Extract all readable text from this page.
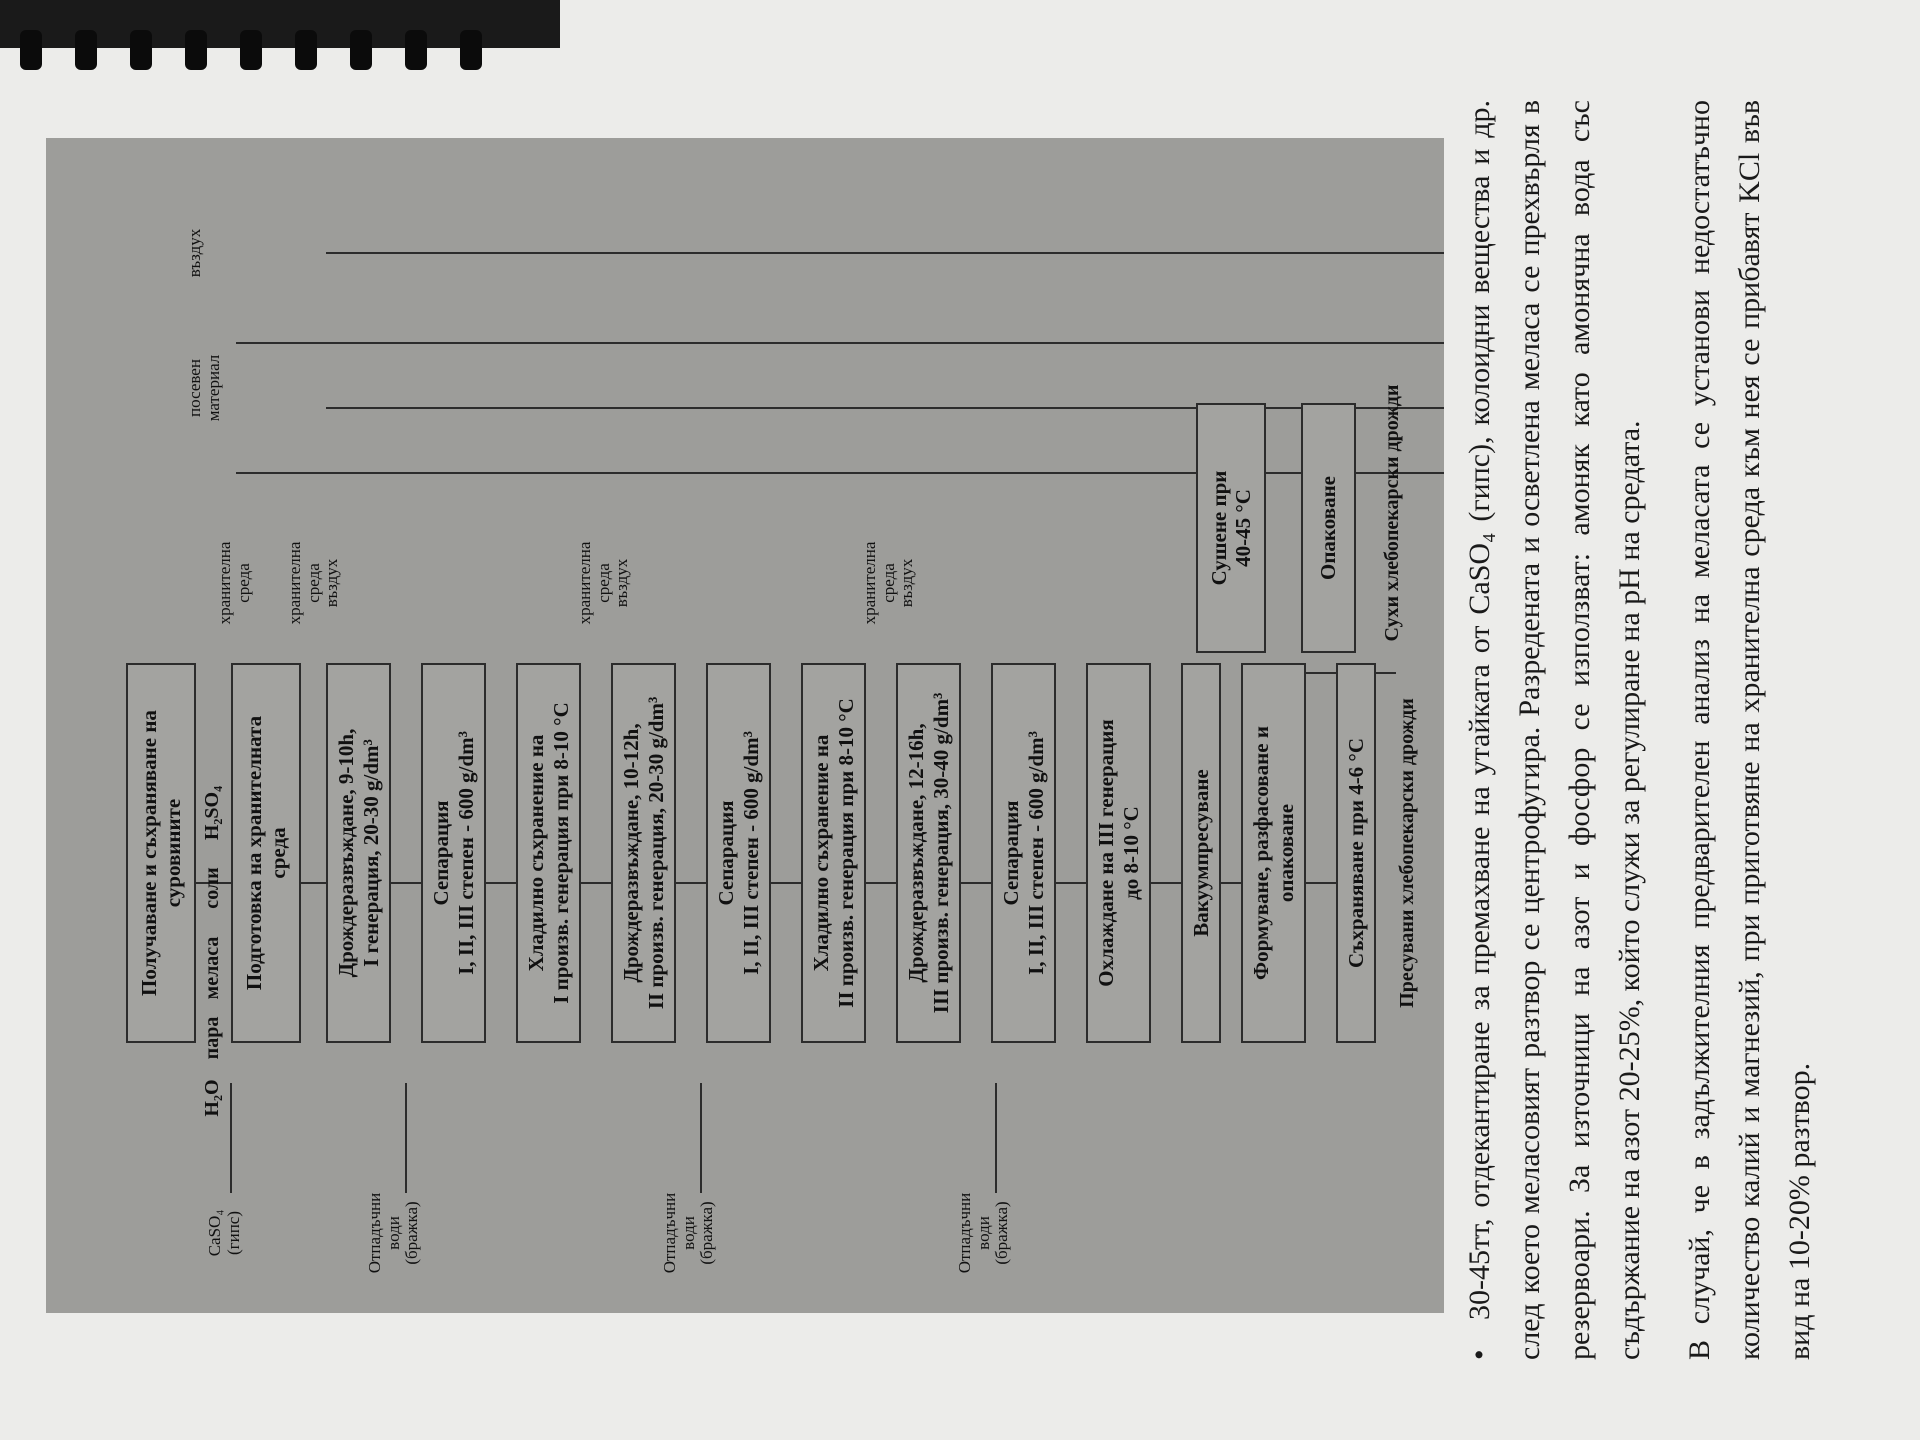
Получаване и съхраняване на суровините	Подготовка на хранителната среда Дрождеразвъждане, 9-10h, I генерация, 20-30 g/dm³ Сепарация I, II, III степен - 600 g/dm³ Хладилно съхранение на I произв. генерация при 8-10 °С Дрождеразвъждане, 10-12h, II произв. генерация, 20-30 g/dm³ Сепарация I, II, III степен - 600 g/dm³ Хладилно съхранение на II произв. генерация при 8-10 °С Дрождеразвъждане, 12-16h, III произв. генерация, 30-40 g/dm³ Сепарация I, II, III степен - 600 g/dm³ Охлаждане на III генерация до 8-10 °С Вакуумпресуване Формуване, разфасоване и опаковане Съхраняване при 4-6 °С
Сушене при 40-45 °С	Опаковане
H₂O
пара
меласа
соли
H₂SO₄
CaSO₄ (гипс)	Отпадъчни води (бражка)	Отпадъчни води (бражка)	Отпадъчни води (бражка)
хранителна среда хранителна среда въздух	хранителна среда въздух	хранителна среда въздух
посевен материал
въздух
Пресувани хлебопекарски дрожди
Сухи хлебопекарски дрожди

•30-45тт, отдекантиране за премахване на утайката от CaSO₄ (гипс), колоидни вещества и др. след което меласовият разтвор се центрофугира. Разредената и осветлена меласа се прехвърля в резервоари. За източници на азот и фосфор се използват: амоняк като амонячна вода със съдържание на азот 20-25%, който служи за регулиране на pH на средата.	В случай, че в задължителния предварителен анализ на меласата се установи недостатъчно количество калий и магнезий, при приготвяне на хранителна среда към нея се прибавят KCl във вид на 10-20% разтвор.
